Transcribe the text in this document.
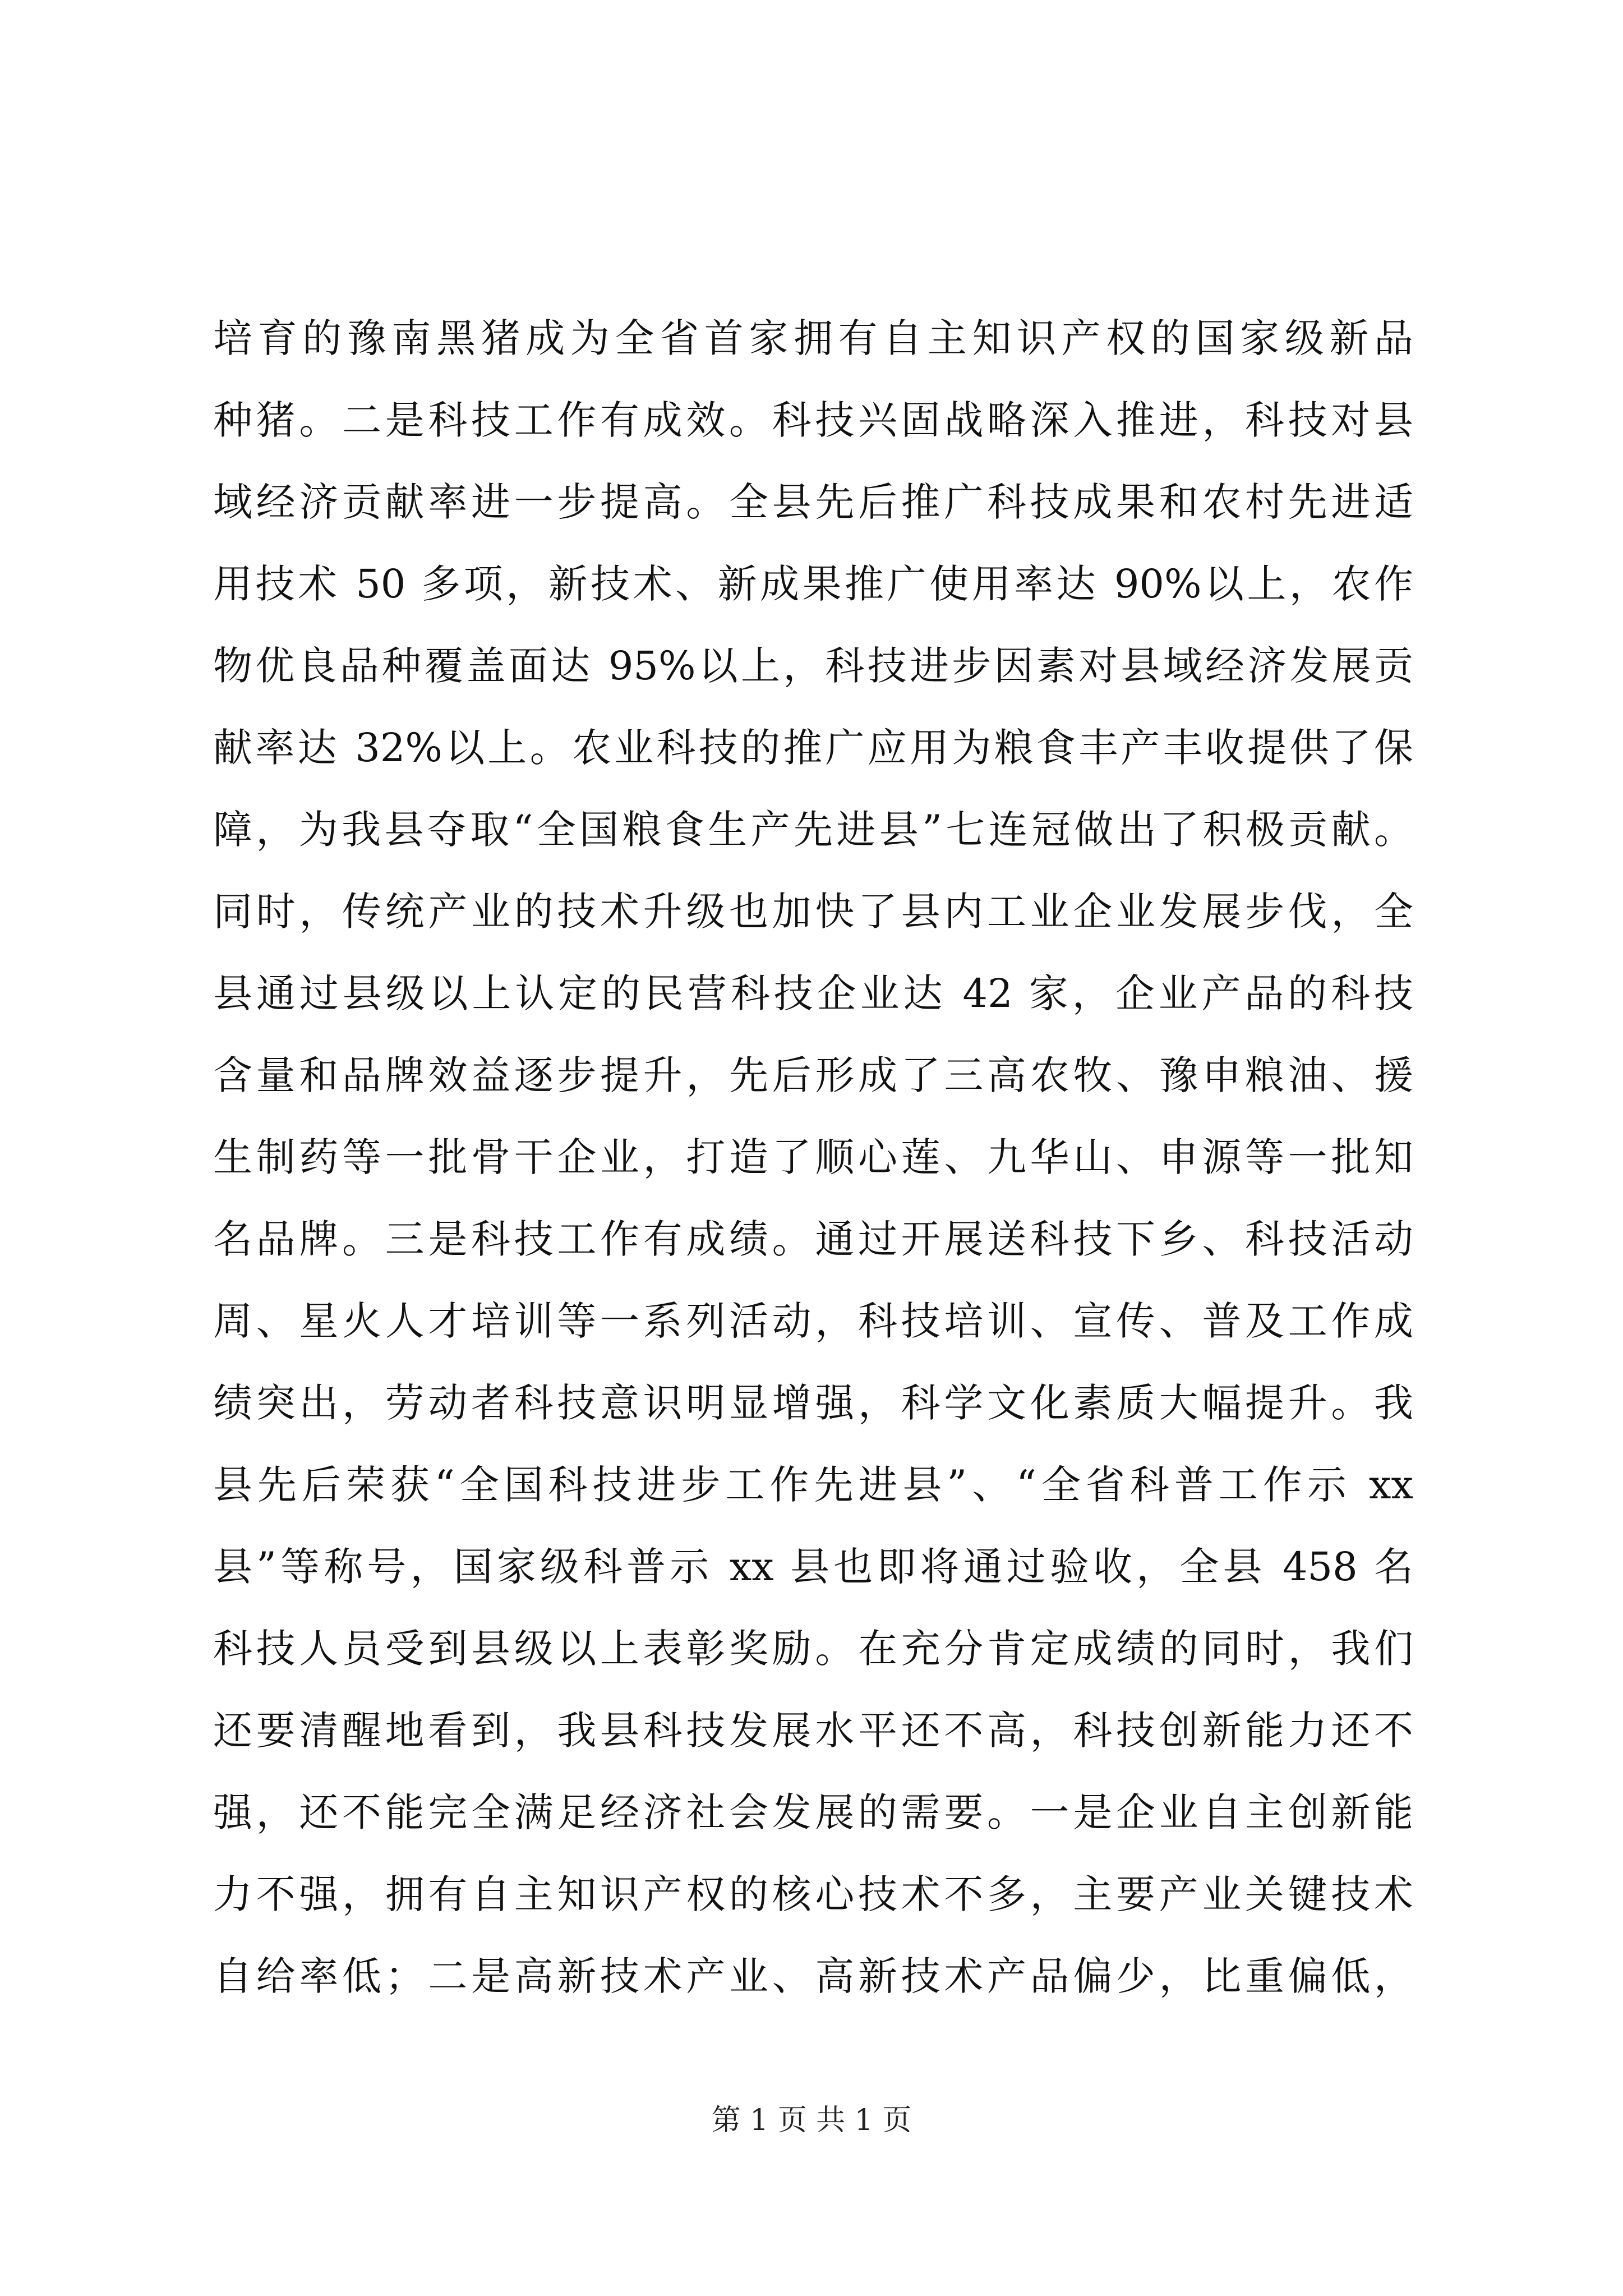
培育的豫南黑猪成为全省首家拥有自主知识产权的国家级新品
种猪。二是科技工作有成效。科技兴固战略深入推进，科技对县
域经济贡献率进一步提高。全县先后推广科技成果和农村先进适
用技术 50 多项，新技术、新成果推广使用率达 90%以上，农作
物优良品种覆盖面达 95%以上，科技进步因素对县域经济发展贡
献率达 32%以上。农业科技的推广应用为粮食丰产丰收提供了保
障，为我县夺取“全国粮食生产先进县”七连冠做出了积极贡献。
同时，传统产业的技术升级也加快了县内工业企业发展步伐，全
县通过县级以上认定的民营科技企业达 42 家，企业产品的科技
含量和品牌效益逐步提升，先后形成了三高农牧、豫申粮油、援
生制药等一批骨干企业，打造了顺心莲、九华山、申源等一批知
名品牌。三是科技工作有成绩。通过开展送科技下乡、科技活动
周、星火人才培训等一系列活动，科技培训、宣传、普及工作成
绩突出，劳动者科技意识明显增强，科学文化素质大幅提升。我
县先后荣获“全国科技进步工作先进县”、“全省科普工作示 xx
县”等称号，国家级科普示 xx 县也即将通过验收，全县 458 名
科技人员受到县级以上表彰奖励。在充分肯定成绩的同时，我们
还要清醒地看到，我县科技发展水平还不高，科技创新能力还不
强，还不能完全满足经济社会发展的需要。一是企业自主创新能
力不强，拥有自主知识产权的核心技术不多，主要产业关键技术
自给率低；二是高新技术产业、高新技术产品偏少，比重偏低，
第 1 页 共 1 页
